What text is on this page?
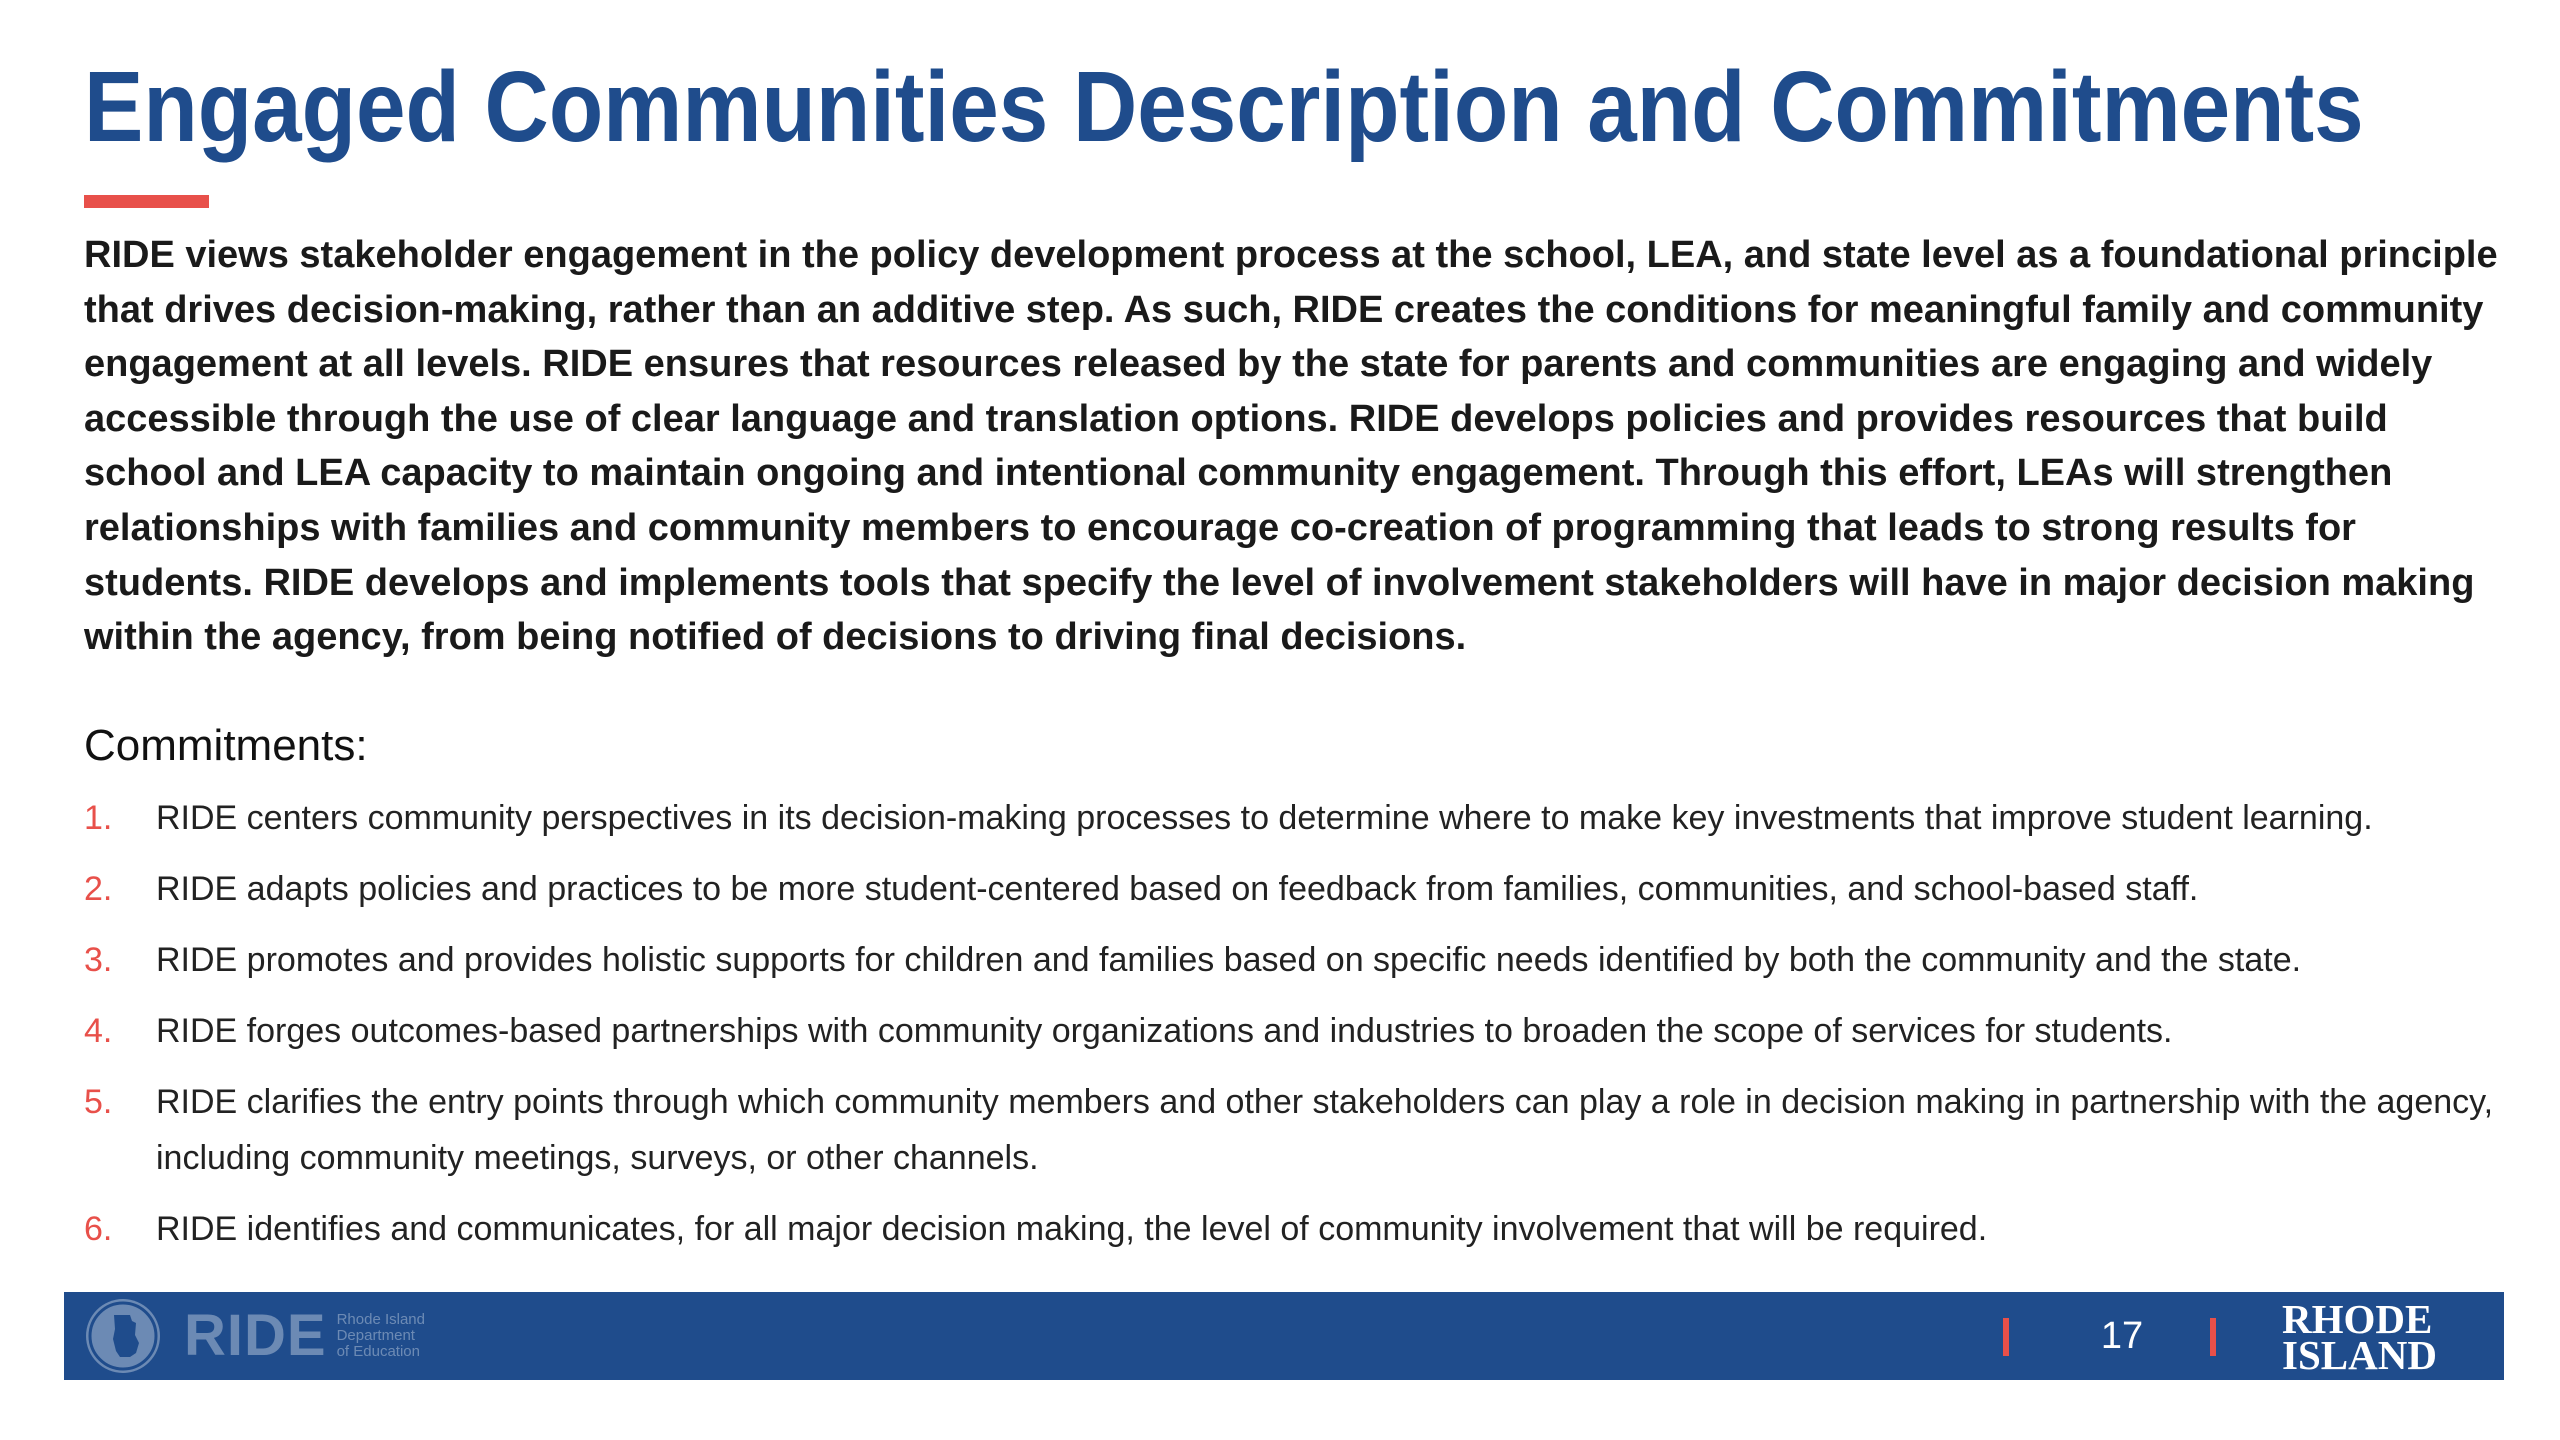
Engaged Communities Description and Commitments

RIDE views stakeholder engagement in the policy development process at the school, LEA, and state level as a foundational principle that drives decision-making, rather than an additive step. As such, RIDE creates the conditions for meaningful family and community engagement at all levels. RIDE ensures that resources released by the state for parents and communities are engaging and widely accessible through the use of clear language and translation options. RIDE develops policies and provides resources that build school and LEA capacity to maintain ongoing and intentional community engagement. Through this effort, LEAs will strengthen relationships with families and community members to encourage co-creation of programming that leads to strong results for students. RIDE develops and implements tools that specify the level of involvement stakeholders will have in major decision making within the agency, from being notified of decisions to driving final decisions.

Commitments:
1.	RIDE centers community perspectives in its decision-making processes to determine where to make key investments that improve student learning.
2.	RIDE adapts policies and practices to be more student-centered based on feedback from families, communities, and school-based staff.
3.	RIDE promotes and provides holistic supports for children and families based on specific needs identified by both the community and the state.
4.	RIDE forges outcomes-based partnerships with community organizations and industries to broaden the scope of services for students.
5.	RIDE clarifies the entry points through which community members and other stakeholders can play a role in decision making in partnership with the agency, including community meetings, surveys, or other channels.
6.	RIDE identifies and communicates, for all major decision making, the level of community involvement that will be required.
RIDE Rhode Island
Department
of Education	17	RHODE
ISLAND
